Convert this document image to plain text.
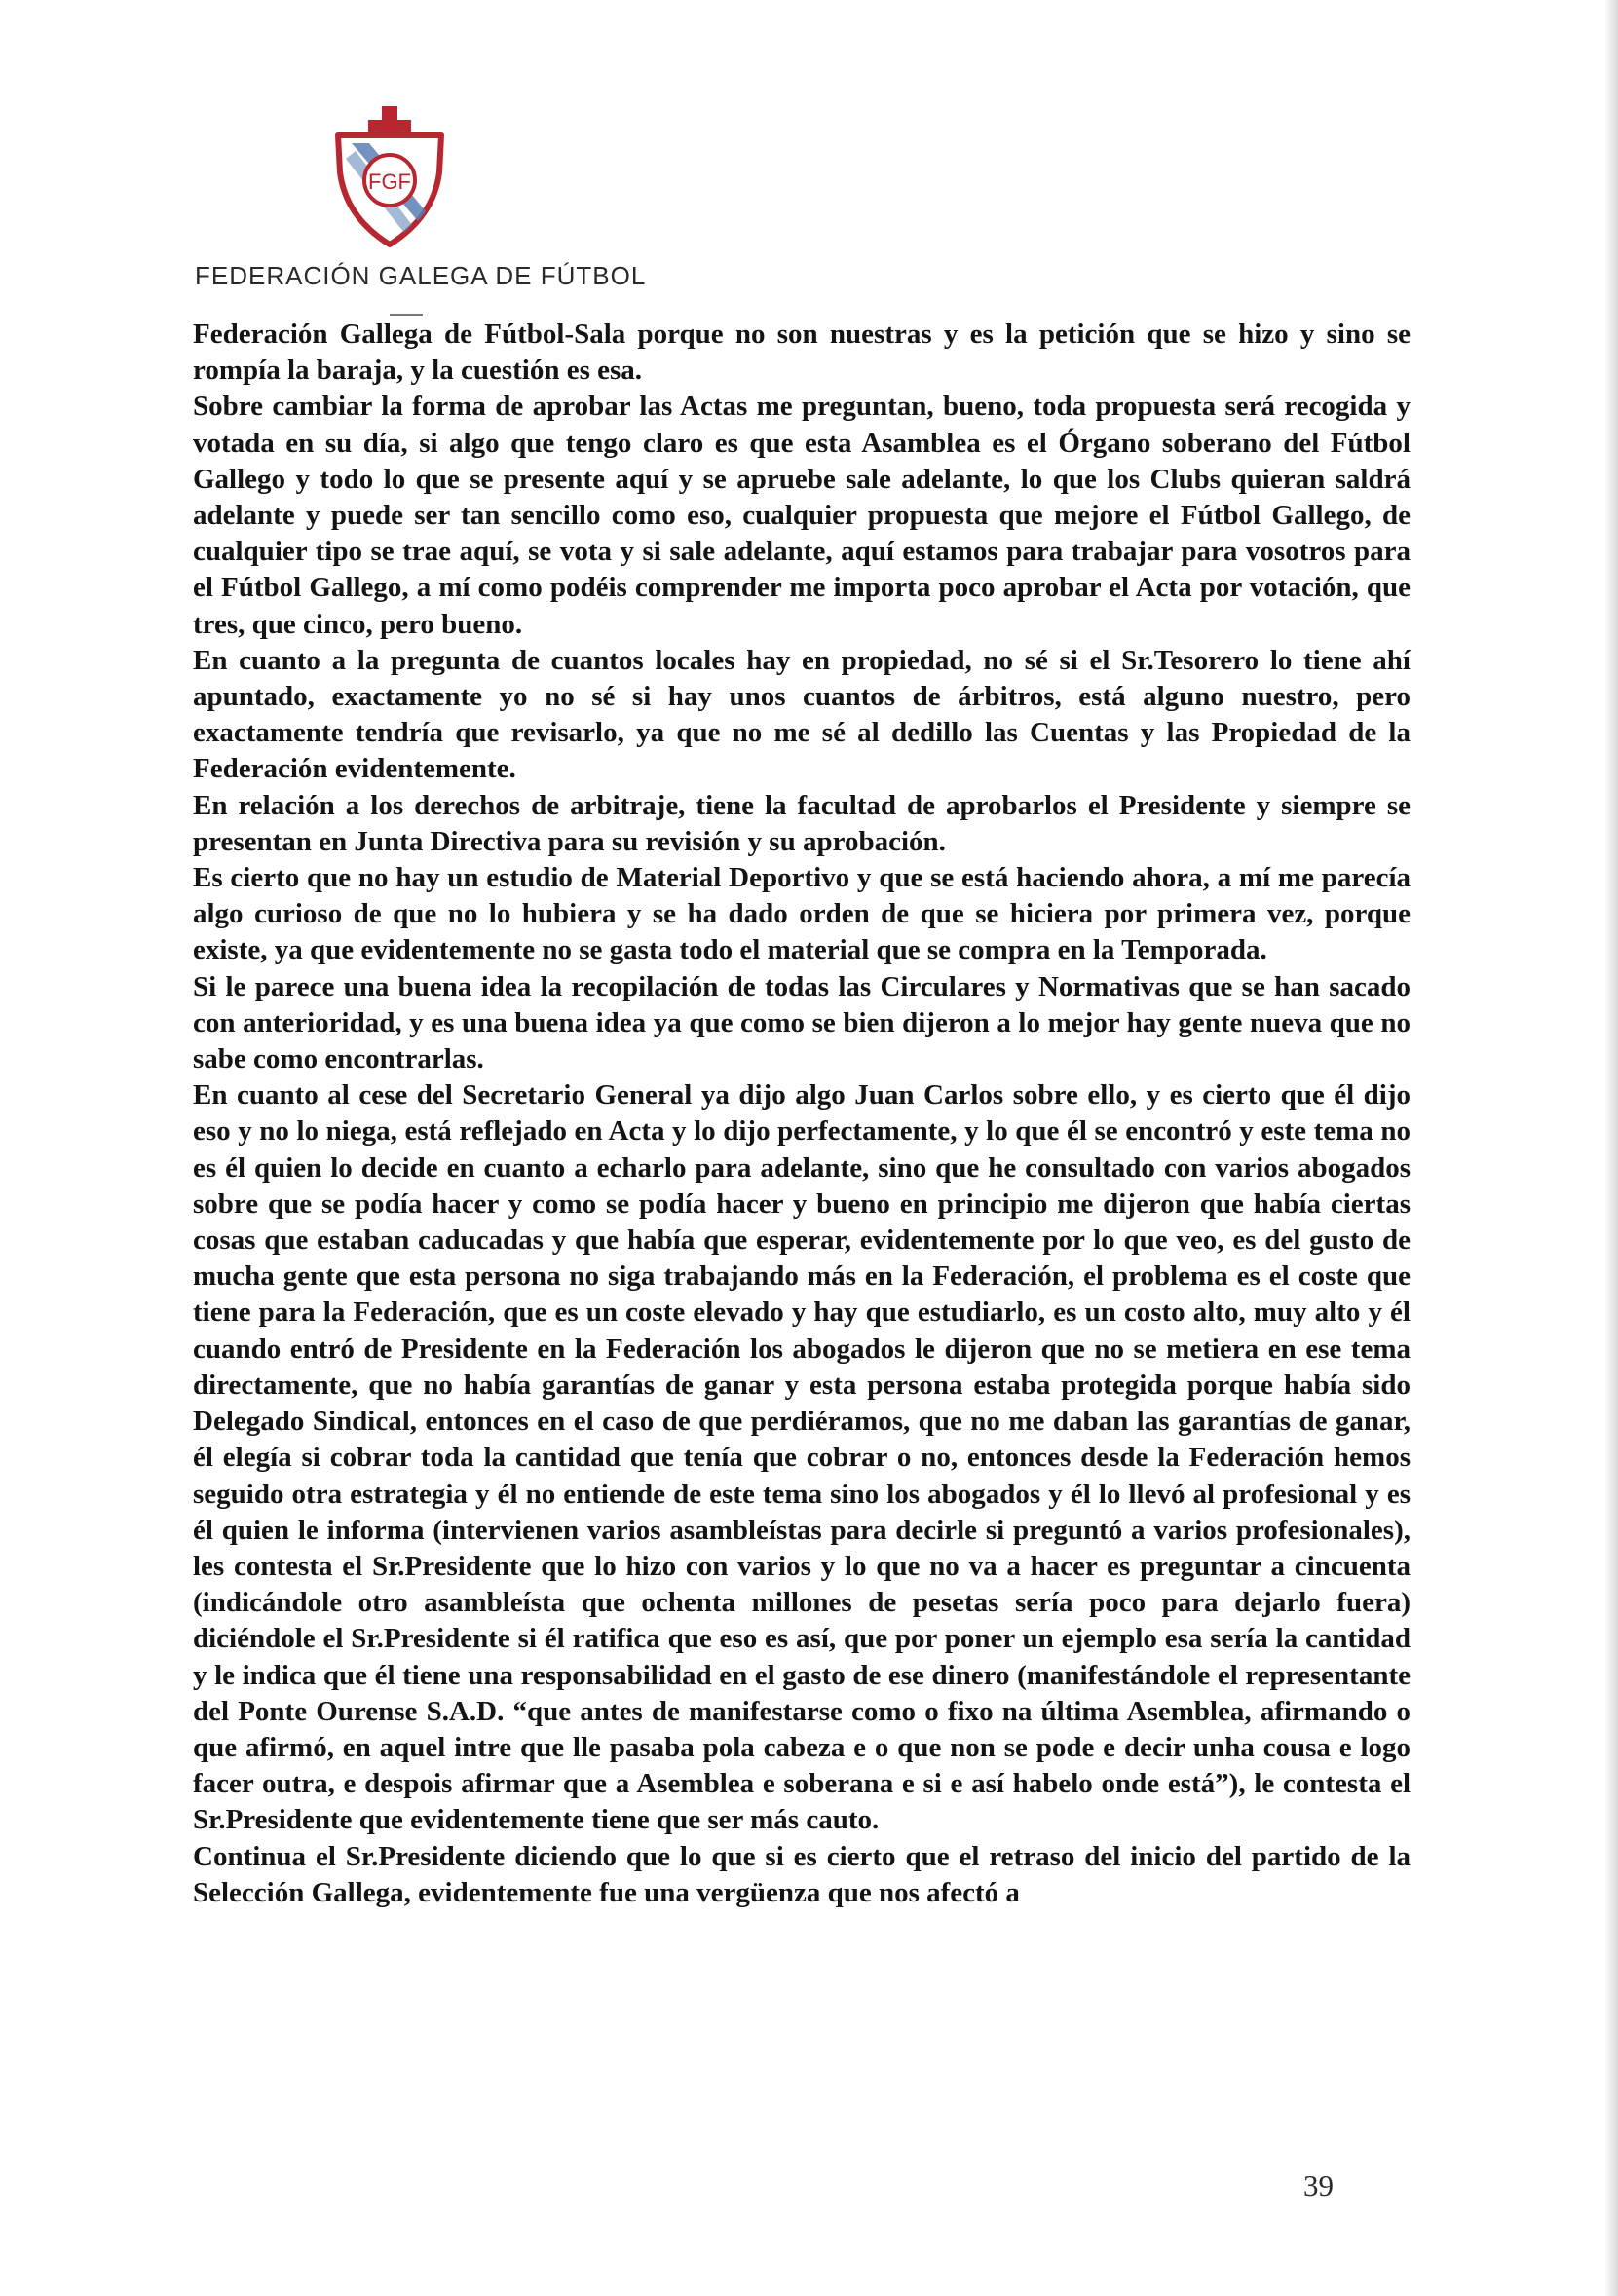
FGF
FEDERACIÓN GALEGA DE FÚTBOL

Federación Gallega de Fútbol-Sala porque no son nuestras y es la petición que se hizo y sino se rompía la baraja, y la cuestión es esa.

Sobre cambiar la forma de aprobar las Actas me preguntan, bueno, toda propuesta será recogida y votada en su día, si algo que tengo claro es que esta Asamblea es el Órgano soberano del Fútbol Gallego y todo lo que se presente aquí y se apruebe sale adelante, lo que los Clubs quieran saldrá adelante y puede ser tan sencillo como eso, cualquier propuesta que mejore el Fútbol Gallego, de cualquier tipo se trae aquí, se vota y si sale adelante, aquí estamos para trabajar para vosotros para el Fútbol Gallego, a mí como podéis comprender me importa poco aprobar el Acta por votación, que tres, que cinco, pero bueno.

En cuanto a la pregunta de cuantos locales hay en propiedad, no sé si el Sr.Tesorero lo tiene ahí apuntado, exactamente yo no sé si hay unos cuantos de árbitros, está alguno nuestro, pero exactamente tendría que revisarlo, ya que no me sé al dedillo las Cuentas y las Propiedad de la Federación evidentemente.

En relación a los derechos de arbitraje, tiene la facultad de aprobarlos el Presidente y siempre se presentan en Junta Directiva para su revisión y su aprobación.

Es cierto que no hay un estudio de Material Deportivo y que se está haciendo ahora, a mí me parecía algo curioso de que no lo hubiera y se ha dado orden de que se hiciera por primera vez, porque existe, ya que evidentemente no se gasta todo el material que se compra en la Temporada.

Si le parece una buena idea la recopilación de todas las Circulares y Normativas que se han sacado con anterioridad, y es una buena idea ya que como se bien dijeron a lo mejor hay gente nueva que no sabe como encontrarlas.

En cuanto al cese del Secretario General ya dijo algo Juan Carlos sobre ello, y es cierto que él dijo eso y no lo niega, está reflejado en Acta y lo dijo perfectamente, y lo que él se encontró y este tema no es él quien lo decide en cuanto a echarlo para adelante, sino que he consultado con varios abogados sobre que se podía hacer y como se podía hacer y bueno en principio me dijeron que había ciertas cosas que estaban caducadas y que había que esperar, evidentemente por lo que veo, es del gusto de mucha gente que esta persona no siga trabajando más en la Federación, el problema es el coste que tiene para la Federación, que es un coste elevado y hay que estudiarlo, es un costo alto, muy alto y él cuando entró de Presidente en la Federación los abogados le dijeron que no se metiera en ese tema directamente, que no había garantías de ganar y esta persona estaba protegida porque había sido Delegado Sindical, entonces en el caso de que perdiéramos, que no me daban las garantías de ganar, él elegía si cobrar toda la cantidad que tenía que cobrar o no, entonces desde la Federación hemos seguido otra estrategia y él no entiende de este tema sino los abogados y él lo llevó al profesional y es él quien le informa (intervienen varios asambleístas para decirle si preguntó a varios profesionales), les contesta el Sr.Presidente que lo hizo con varios y lo que no va a hacer es preguntar a cincuenta (indicándole otro asambleísta que ochenta millones de pesetas sería poco para dejarlo fuera) diciéndole el Sr.Presidente si él ratifica que eso es así, que por poner un ejemplo esa sería la cantidad y le indica que él tiene una responsabilidad en el gasto de ese dinero (manifestándole el representante del Ponte Ourense S.A.D. “que antes de manifestarse como o fixo na última Asemblea, afirmando o que afirmó, en aquel intre que lle pasaba pola cabeza e o que non se pode e decir unha cousa e logo facer outra, e despois afirmar que a Asemblea e soberana e si e así habelo onde está”), le contesta el Sr.Presidente que evidentemente tiene que ser más cauto.

Continua el Sr.Presidente diciendo que lo que si es cierto que el retraso del inicio del partido de la Selección Gallega, evidentemente fue una vergüenza que nos afectó a

39
